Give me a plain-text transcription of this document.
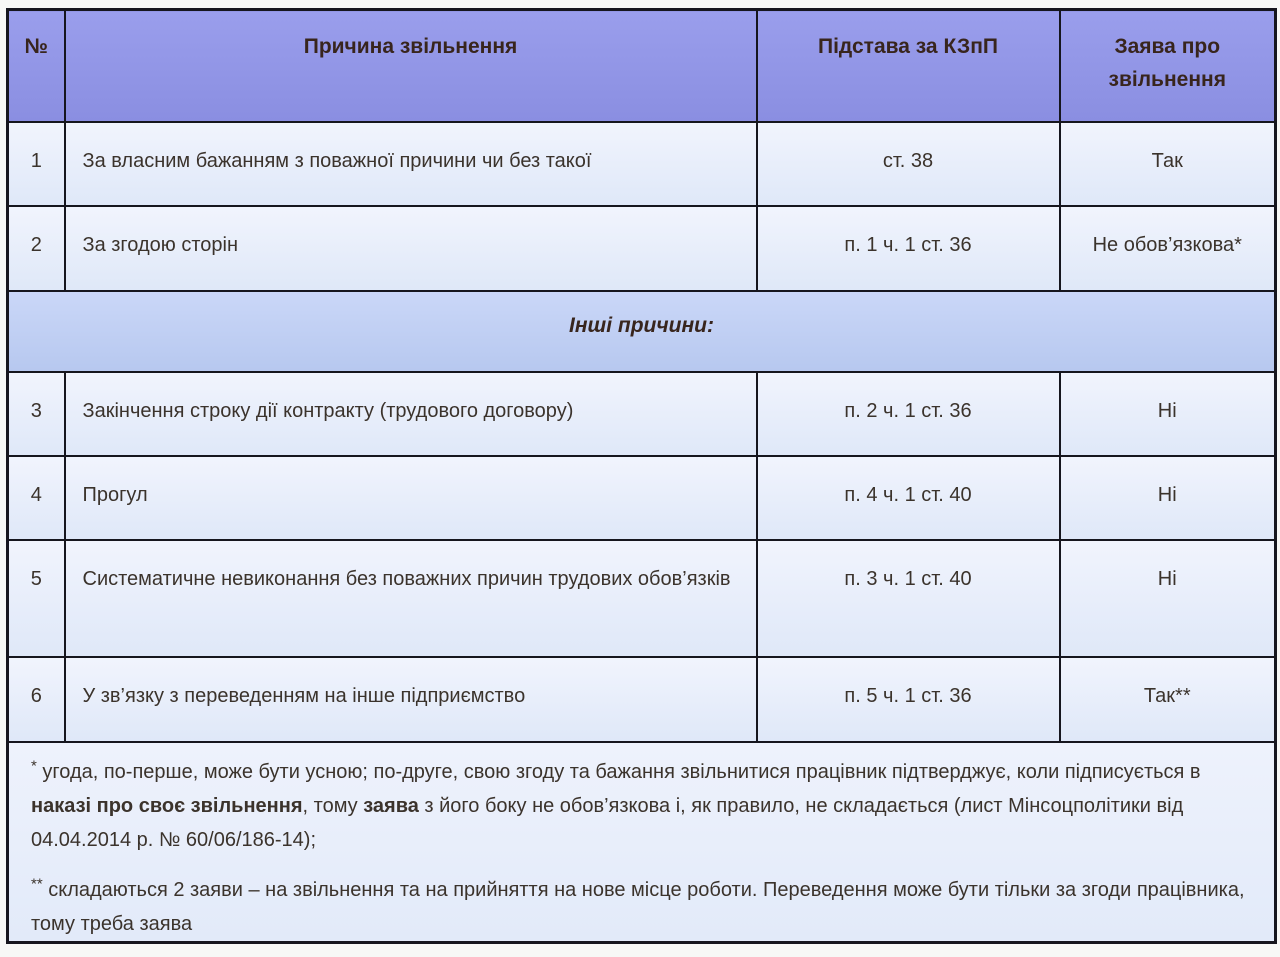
№	Причина звільнення	Підстава за КЗпП	Заява про звільнення
1	За власним бажанням з поважної причини чи без такої	ст. 38	Так
2	За згодою сторін	п. 1 ч. 1 ст. 36	Не обов’язкова*
Інші причини:			
3	Закінчення строку дії контракту (трудового договору)	п. 2 ч. 1 ст. 36	Ні
4	Прогул	п. 4 ч. 1 ст. 40	Ні
5	Систематичне невиконання без поважних причин трудових обов’язків	п. 3 ч. 1 ст. 40	Ні
6	У зв’язку з переведенням на інше підприємство	п. 5 ч. 1 ст. 36	Так**

* угода, по-перше, може бути усною; по-друге, свою згоду та бажання звільнитися працівник підтверджує, коли підписується в наказі про своє звільнення, тому заява з його боку не обов’язкова і, як правило, не складається (лист Мінсоцполітики від 04.04.2014 р. № 60/06/186-14);

** складаються 2 заяви – на звільнення та на прийняття на нове місце роботи. Переведення може бути тільки за згоди працівника, тому треба заява			
